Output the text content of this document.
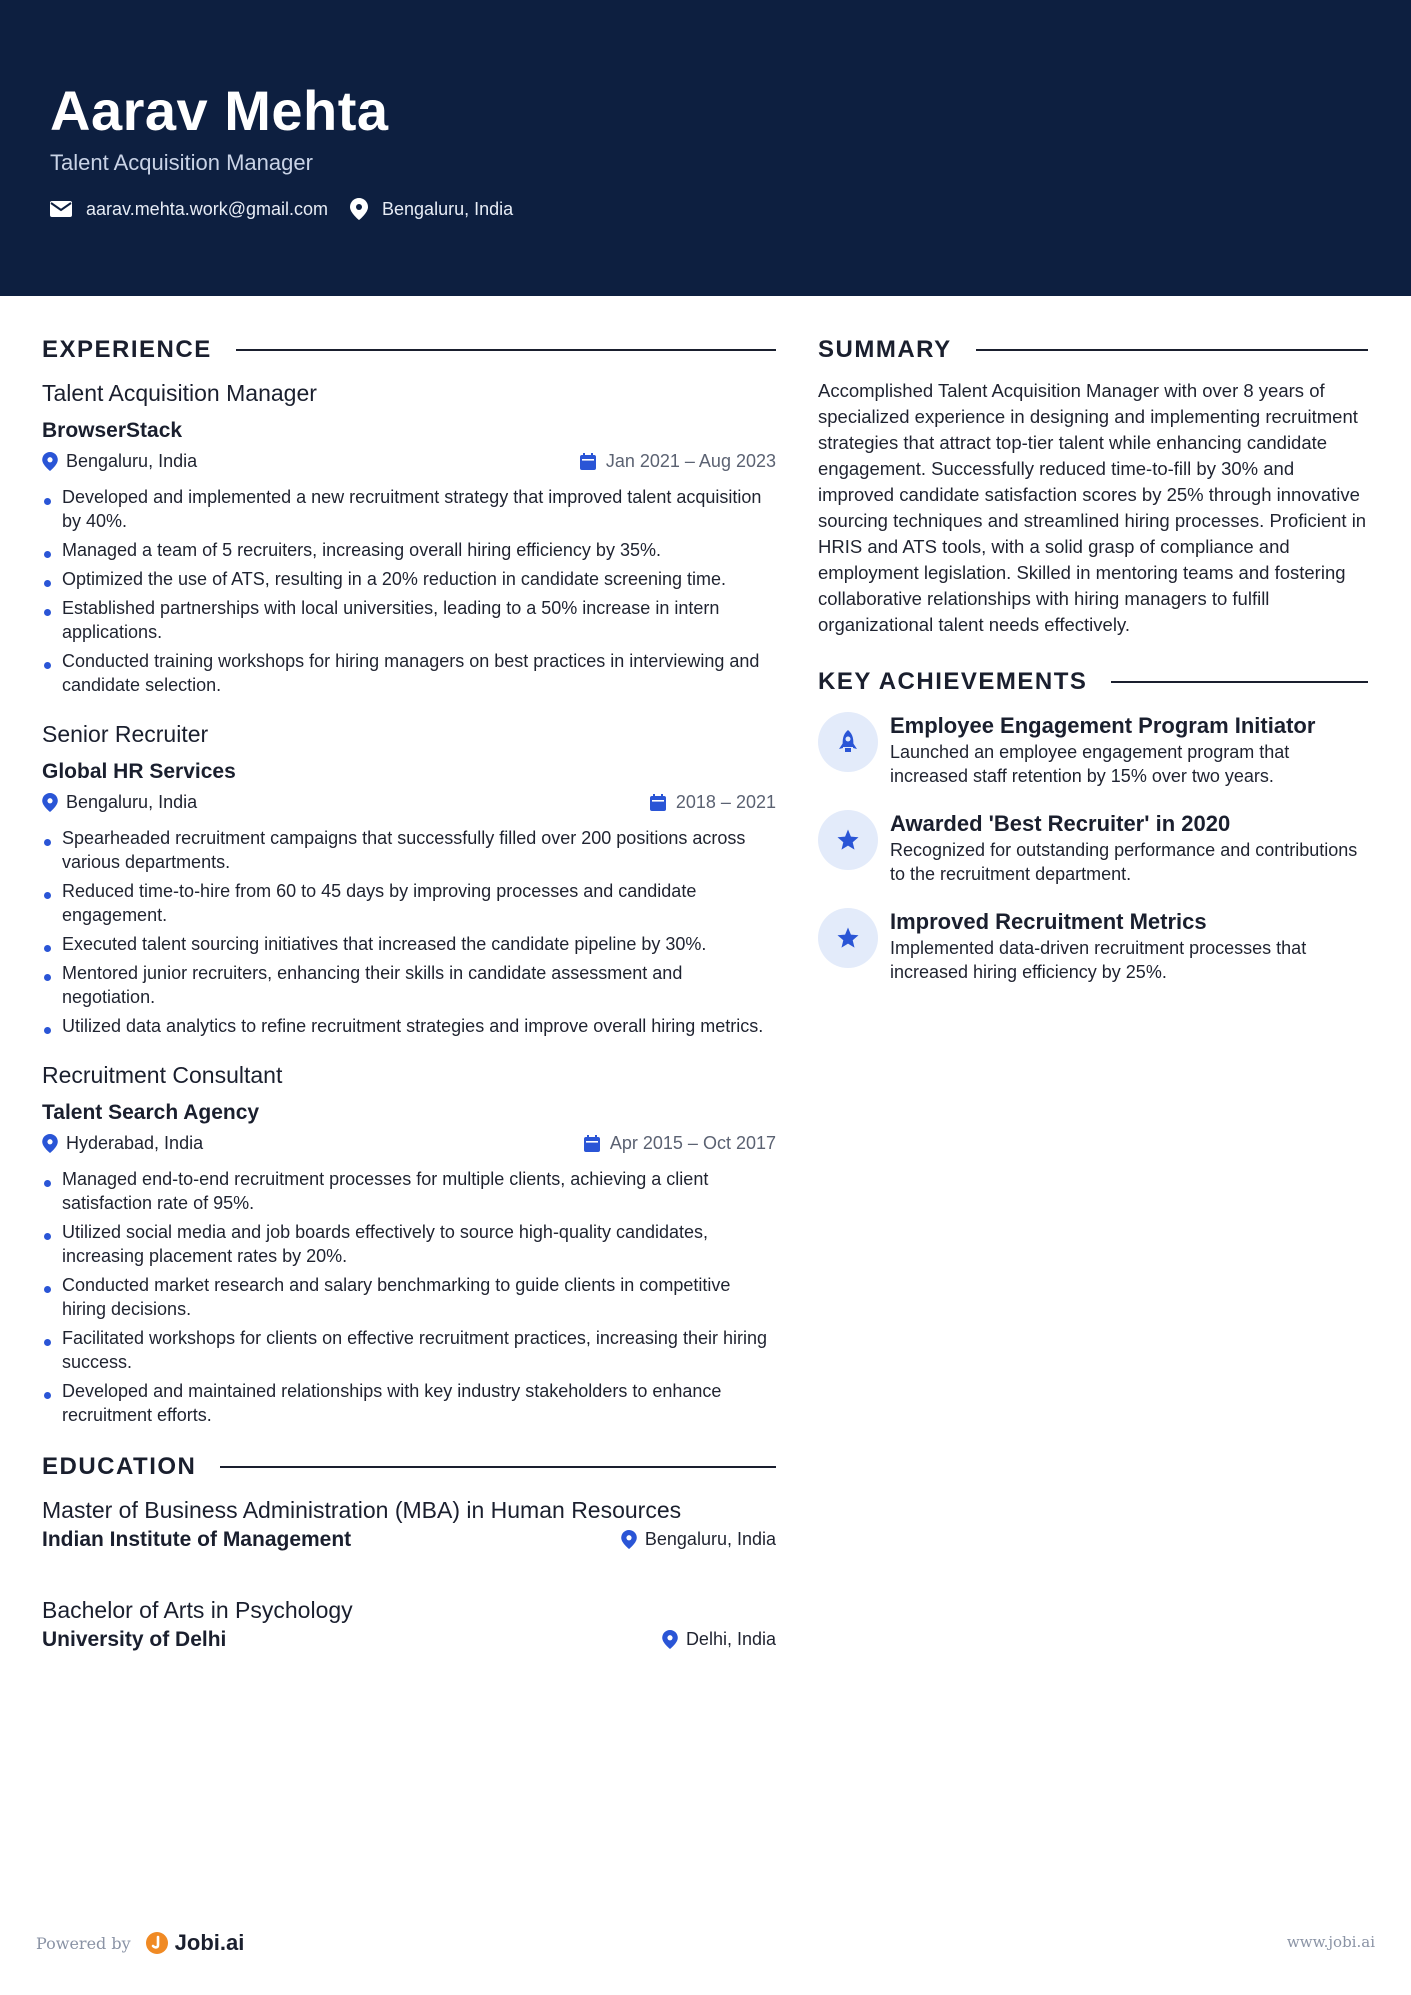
Aarav Mehta
Talent Acquisition Manager
aarav.mehta.work@gmail.com	Bengaluru, India
EXPERIENCE
Talent Acquisition Manager
BrowserStack
Bengaluru, India	Jan 2021 – Aug 2023
Developed and implemented a new recruitment strategy that improved talent acquisition by 40%.
Managed a team of 5 recruiters, increasing overall hiring efficiency by 35%.
Optimized the use of ATS, resulting in a 20% reduction in candidate screening time.
Established partnerships with local universities, leading to a 50% increase in intern applications.
Conducted training workshops for hiring managers on best practices in interviewing and candidate selection.
Senior Recruiter
Global HR Services
Bengaluru, India	2018 – 2021
Spearheaded recruitment campaigns that successfully filled over 200 positions across various departments.
Reduced time-to-hire from 60 to 45 days by improving processes and candidate engagement.
Executed talent sourcing initiatives that increased the candidate pipeline by 30%.
Mentored junior recruiters, enhancing their skills in candidate assessment and negotiation.
Utilized data analytics to refine recruitment strategies and improve overall hiring metrics.
Recruitment Consultant
Talent Search Agency
Hyderabad, India	Apr 2015 – Oct 2017
Managed end-to-end recruitment processes for multiple clients, achieving a client satisfaction rate of 95%.
Utilized social media and job boards effectively to source high-quality candidates, increasing placement rates by 20%.
Conducted market research and salary benchmarking to guide clients in competitive hiring decisions.
Facilitated workshops for clients on effective recruitment practices, increasing their hiring success.
Developed and maintained relationships with key industry stakeholders to enhance recruitment efforts.
EDUCATION
Master of Business Administration (MBA) in Human Resources
Indian Institute of Management	Bengaluru, India
Bachelor of Arts in Psychology
University of Delhi	Delhi, India
SUMMARY
Accomplished Talent Acquisition Manager with over 8 years of specialized experience in designing and implementing recruitment strategies that attract top-tier talent while enhancing candidate engagement. Successfully reduced time-to-fill by 30% and improved candidate satisfaction scores by 25% through innovative sourcing techniques and streamlined hiring processes. Proficient in HRIS and ATS tools, with a solid grasp of compliance and employment legislation. Skilled in mentoring teams and fostering collaborative relationships with hiring managers to fulfill organizational talent needs effectively.
KEY ACHIEVEMENTS
Employee Engagement Program Initiator
Launched an employee engagement program that increased staff retention by 15% over two years.
Awarded 'Best Recruiter' in 2020
Recognized for outstanding performance and contributions to the recruitment department.
Improved Recruitment Metrics
Implemented data-driven recruitment processes that increased hiring efficiency by 25%.
Powered by Jobi.ai	www.jobi.ai
